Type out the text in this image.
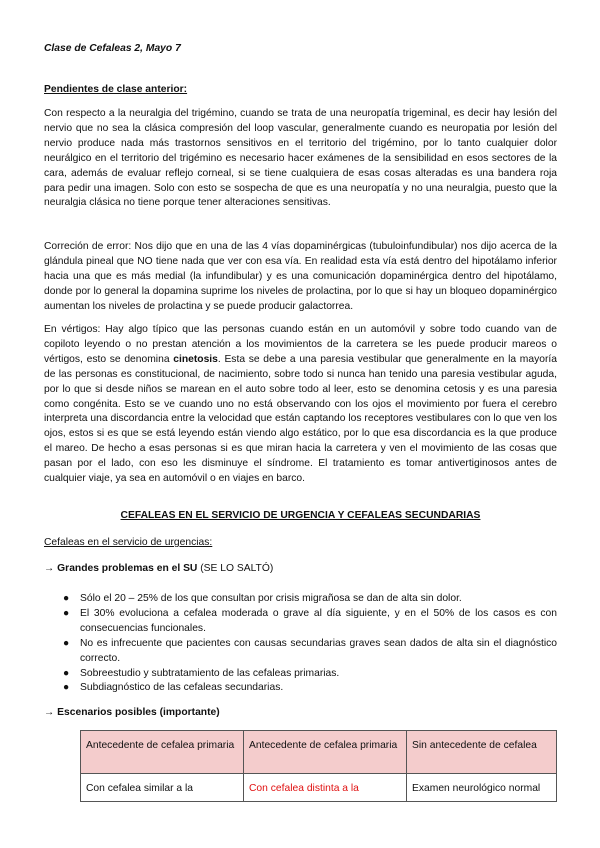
Clase de Cefaleas 2, Mayo 7
Pendientes de clase anterior:

Con respecto a la neuralgia del trigémino, cuando se trata de una neuropatía trigeminal, es decir hay lesión del nervio que no sea la clásica compresión del loop vascular, generalmente cuando es neuropatia por lesión del nervio produce nada más trastornos sensitivos en el territorio del trigémino, por lo tanto cualquier dolor neurálgico en el territorio del trigémino es necesario hacer exámenes de la sensibilidad en esos sectores de la cara, además de evaluar reflejo corneal, si se tiene cualquiera de esas cosas alteradas es una bandera roja para pedir una imagen. Solo con esto se sospecha de que es una neuropatía y no una neuralgia, puesto que la neuralgia clásica no tiene porque tener alteraciones sensitivas.

Correción de error: Nos dijo que en una de las 4 vías dopaminérgicas (tubuloinfundibular) nos dijo acerca de la glándula pineal que NO tiene nada que ver con esa vía. En realidad esta vía está dentro del hipotálamo inferior hacia una que es más medial (la infundibular) y es una comunicación dopaminérgica dentro del hipotálamo, donde por lo general la dopamina suprime los niveles de prolactina, por lo que si hay un bloqueo dopaminérgico aumentan los niveles de prolactina y se puede producir galactorrea.

En vértigos: Hay algo típico que las personas cuando están en un automóvil y sobre todo cuando van de copiloto leyendo o no prestan atención a los movimientos de la carretera se les puede producir mareos o vértigos, esto se denomina cinetosis. Esta se debe a una paresia vestibular que generalmente en la mayoría de las personas es constitucional, de nacimiento, sobre todo si nunca han tenido una paresia vestibular aguda, por lo que si desde niños se marean en el auto sobre todo al leer, esto se denomina cetosis y es una paresia como congénita. Esto se ve cuando uno no está observando con los ojos el movimiento por fuera el cerebro interpreta una discordancia entre la velocidad que están captando los receptores vestibulares con lo que ven los ojos, estos si es que se está leyendo están viendo algo estático, por lo que esa discordancia es la que produce el mareo. De hecho a esas personas si es que miran hacia la carretera y ven el movimiento de las cosas que pasan por el lado, con eso les disminuye el síndrome. El tratamiento es tomar antivertiginosos antes de cualquier viaje, ya sea en automóvil o en viajes en barco.

CEFALEAS EN EL SERVICIO DE URGENCIA Y CEFALEAS SECUNDARIAS
Cefaleas en el servicio de urgencias:
→ Grandes problemas en el SU (SE LO SALTÓ)
● Sólo el 20 – 25% de los que consultan por crisis migrañosa se dan de alta sin dolor.
● El 30% evoluciona a cefalea moderada o grave al día siguiente, y en el 50% de los casos es con consecuencias funcionales.
● No es infrecuente que pacientes con causas secundarias graves sean dados de alta sin el diagnóstico correcto.
● Sobreestudio y subtratamiento de las cefaleas primarias.
● Subdiagnóstico de las cefaleas secundarias.
→ Escenarios posibles (importante)
Antecedente de cefalea primaria	Antecedente de cefalea primaria	Sin antecedente de cefalea
Con cefalea similar a la	Con cefalea distinta a la	Examen neurológico normal
